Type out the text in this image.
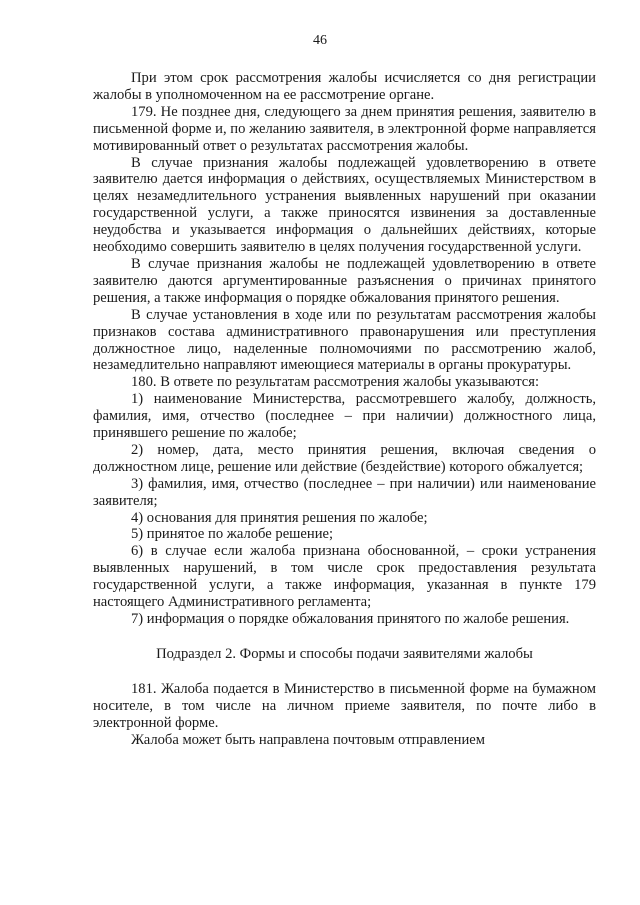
46

При этом срок рассмотрения жалобы исчисляется со дня регистрации жалобы в уполномоченном на ее рассмотрение органе.

179. Не позднее дня, следующего за днем принятия решения, заявителю в письменной форме и, по желанию заявителя, в электронной форме направляется мотивированный ответ о результатах рассмотрения жалобы.

В случае признания жалобы подлежащей удовлетворению в ответе заявителю дается информация о действиях, осуществляемых Министерством в целях незамедлительного устранения выявленных нарушений при оказании государственной услуги, а также приносятся извинения за доставленные неудобства и указывается информация о дальнейших действиях, которые необходимо совершить заявителю в целях получения государственной услуги.

В случае признания жалобы не подлежащей удовлетворению в ответе заявителю даются аргументированные разъяснения о причинах принятого решения, а также информация о порядке обжалования принятого решения.

В случае установления в ходе или по результатам рассмотрения жалобы признаков состава административного правонарушения или преступления должностное лицо, наделенные полномочиями по рассмотрению жалоб, незамедлительно направляют имеющиеся материалы в органы прокуратуры.

180. В ответе по результатам рассмотрения жалобы указываются:

1) наименование Министерства, рассмотревшего жалобу, должность, фамилия, имя, отчество (последнее – при наличии) должностного лица, принявшего решение по жалобе;

2) номер, дата, место принятия решения, включая сведения о должностном лице, решение или действие (бездействие) которого обжалуется;

3) фамилия, имя, отчество (последнее – при наличии) или наименование заявителя;

4) основания для принятия решения по жалобе;

5) принятое по жалобе решение;

6) в случае если жалоба признана обоснованной, – сроки устранения выявленных нарушений, в том числе срок предоставления результата государственной услуги, а также информация, указанная в пункте 179 настоящего Административного регламента;

7) информация о порядке обжалования принятого по жалобе решения.

Подраздел 2. Формы и способы подачи заявителями жалобы

181. Жалоба подается в Министерство в письменной форме на бумажном носителе, в том числе на личном приеме заявителя, по почте либо в электронной форме.

Жалоба может быть направлена почтовым отправлением
